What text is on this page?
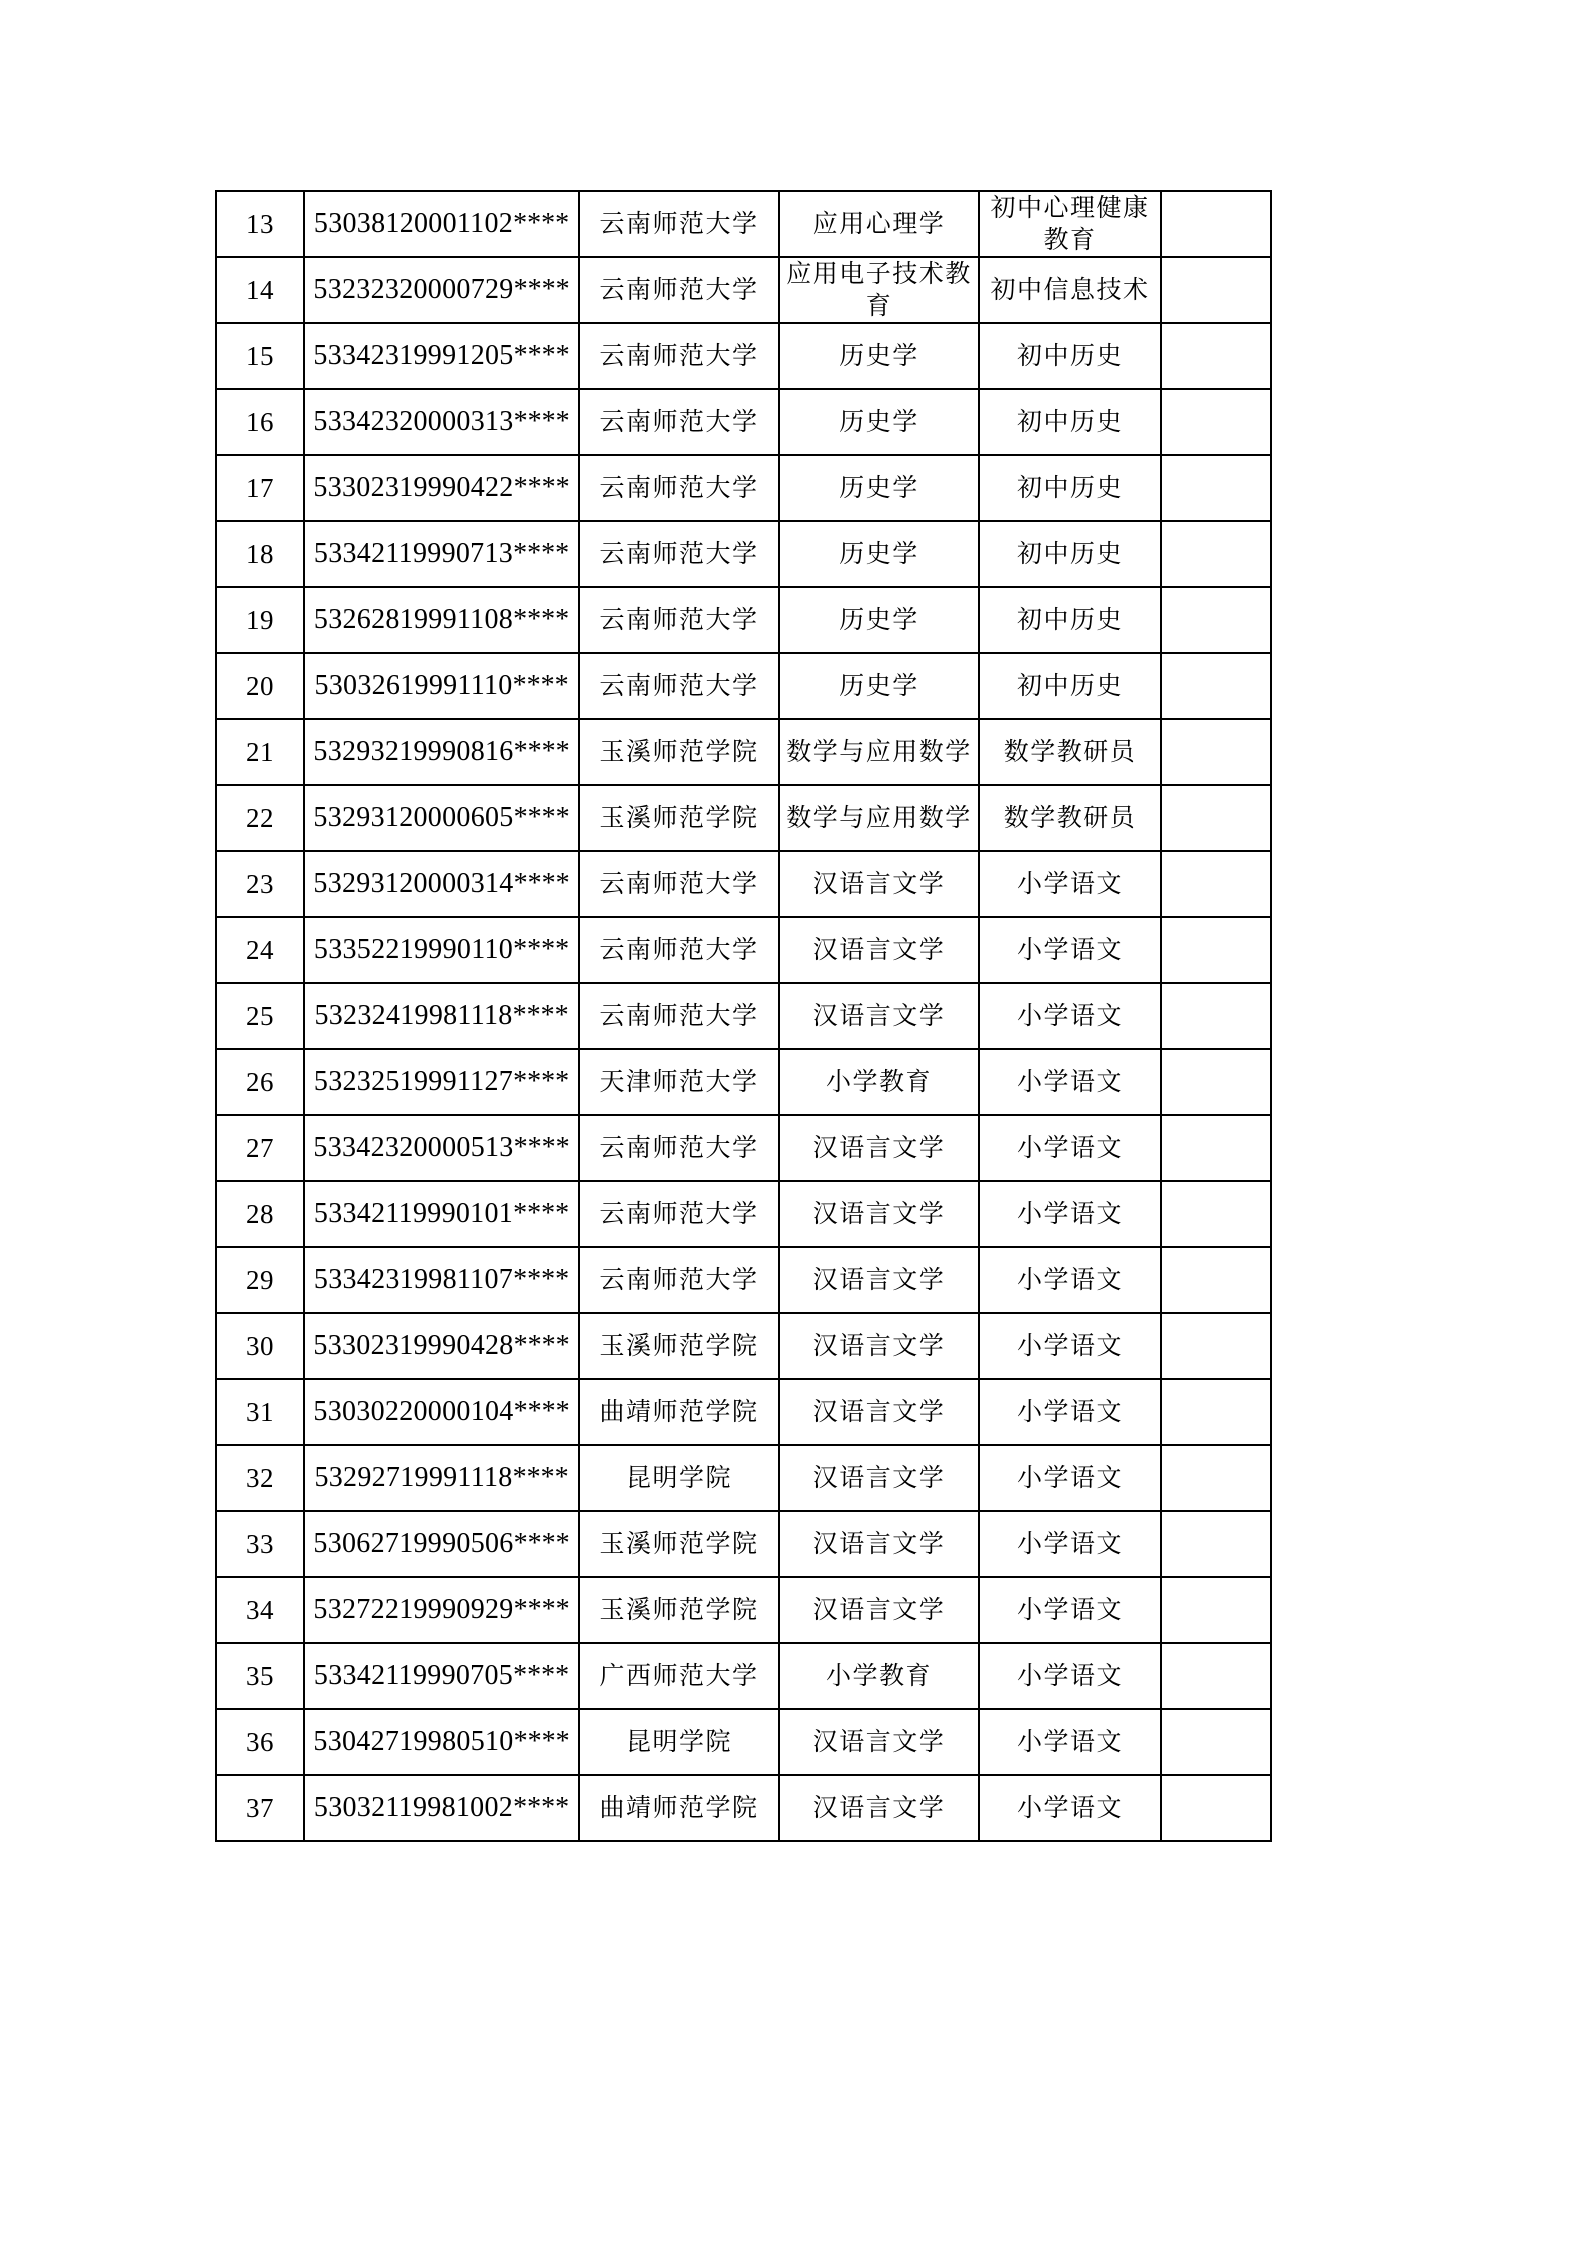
13	53038120001102****	云南师范大学	应用心理学	初中心理健康教育	
14	53232320000729****	云南师范大学	应用电子技术教育	初中信息技术	
15	53342319991205****	云南师范大学	历史学	初中历史	
16	53342320000313****	云南师范大学	历史学	初中历史	
17	53302319990422****	云南师范大学	历史学	初中历史	
18	53342119990713****	云南师范大学	历史学	初中历史	
19	53262819991108****	云南师范大学	历史学	初中历史	
20	53032619991110****	云南师范大学	历史学	初中历史	
21	53293219990816****	玉溪师范学院	数学与应用数学	数学教研员	
22	53293120000605****	玉溪师范学院	数学与应用数学	数学教研员	
23	53293120000314****	云南师范大学	汉语言文学	小学语文	
24	53352219990110****	云南师范大学	汉语言文学	小学语文	
25	53232419981118****	云南师范大学	汉语言文学	小学语文	
26	53232519991127****	天津师范大学	小学教育	小学语文	
27	53342320000513****	云南师范大学	汉语言文学	小学语文	
28	53342119990101****	云南师范大学	汉语言文学	小学语文	
29	53342319981107****	云南师范大学	汉语言文学	小学语文	
30	53302319990428****	玉溪师范学院	汉语言文学	小学语文	
31	53030220000104****	曲靖师范学院	汉语言文学	小学语文	
32	53292719991118****	昆明学院	汉语言文学	小学语文	
33	53062719990506****	玉溪师范学院	汉语言文学	小学语文	
34	53272219990929****	玉溪师范学院	汉语言文学	小学语文	
35	53342119990705****	广西师范大学	小学教育	小学语文	
36	53042719980510****	昆明学院	汉语言文学	小学语文	
37	53032119981002****	曲靖师范学院	汉语言文学	小学语文	
